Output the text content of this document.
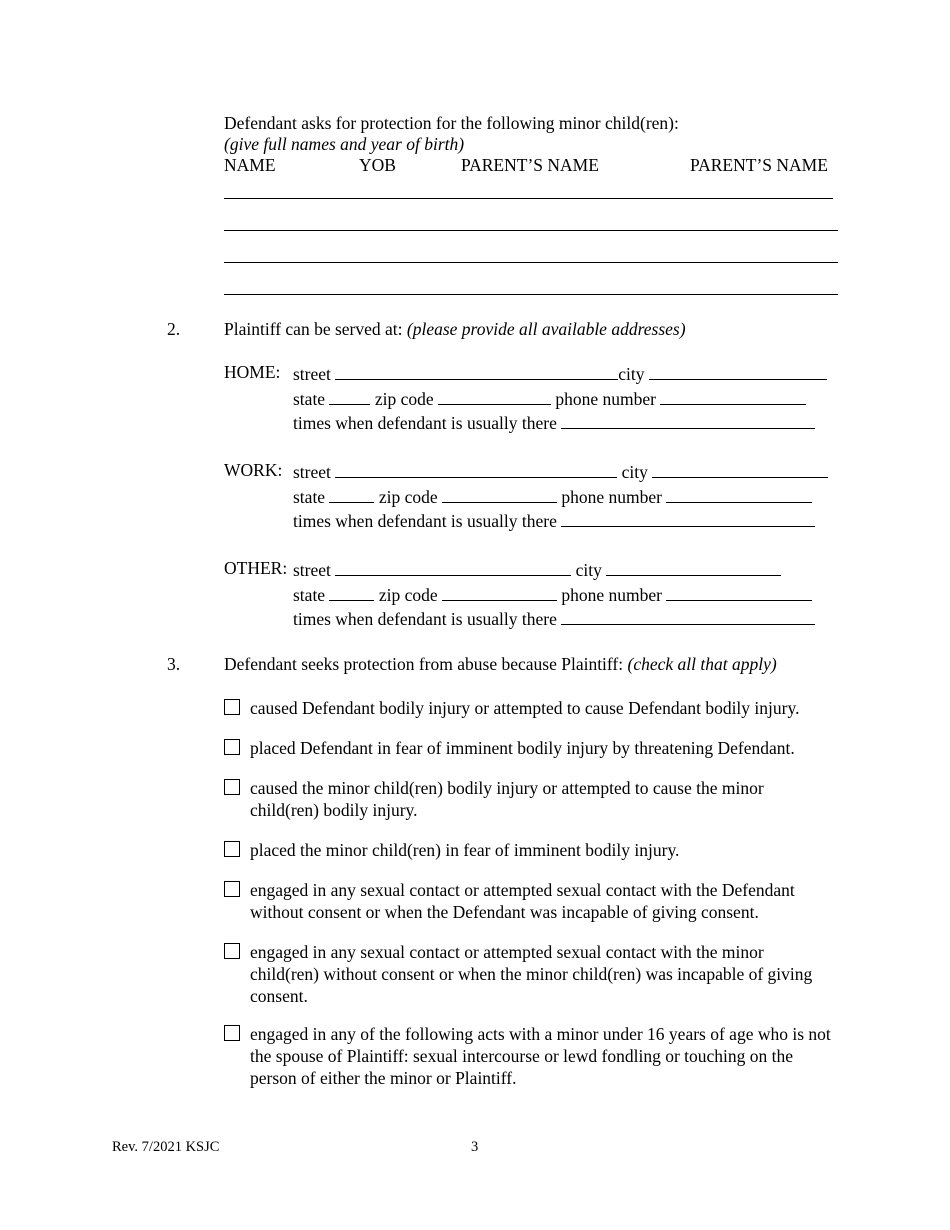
Defendant asks for protection for the following minor child(ren):
(give full names and year of birth)
NAME	YOB	PARENT’S NAME	PARENT’S NAME
2.	Plaintiff can be served at: (please provide all available addresses)
HOME: street	city
state	zip code	phone number
times when defendant is usually there
WORK: street	city
state	zip code	phone number
times when defendant is usually there
OTHER: street	city
state	zip code	phone number
times when defendant is usually there
3.	Defendant seeks protection from abuse because Plaintiff: (check all that apply)
caused Defendant bodily injury or attempted to cause Defendant bodily injury.
placed Defendant in fear of imminent bodily injury by threatening Defendant.
caused the minor child(ren) bodily injury or attempted to cause the minor child(ren) bodily injury.
placed the minor child(ren) in fear of imminent bodily injury.
engaged in any sexual contact or attempted sexual contact with the Defendant without consent or when the Defendant was incapable of giving consent.
engaged in any sexual contact or attempted sexual contact with the minor child(ren) without consent or when the minor child(ren) was incapable of giving consent.
engaged in any of the following acts with a minor under 16 years of age who is not the spouse of Plaintiff: sexual intercourse or lewd fondling or touching on the person of either the minor or Plaintiff.
Rev. 7/2021 KSJC	3
